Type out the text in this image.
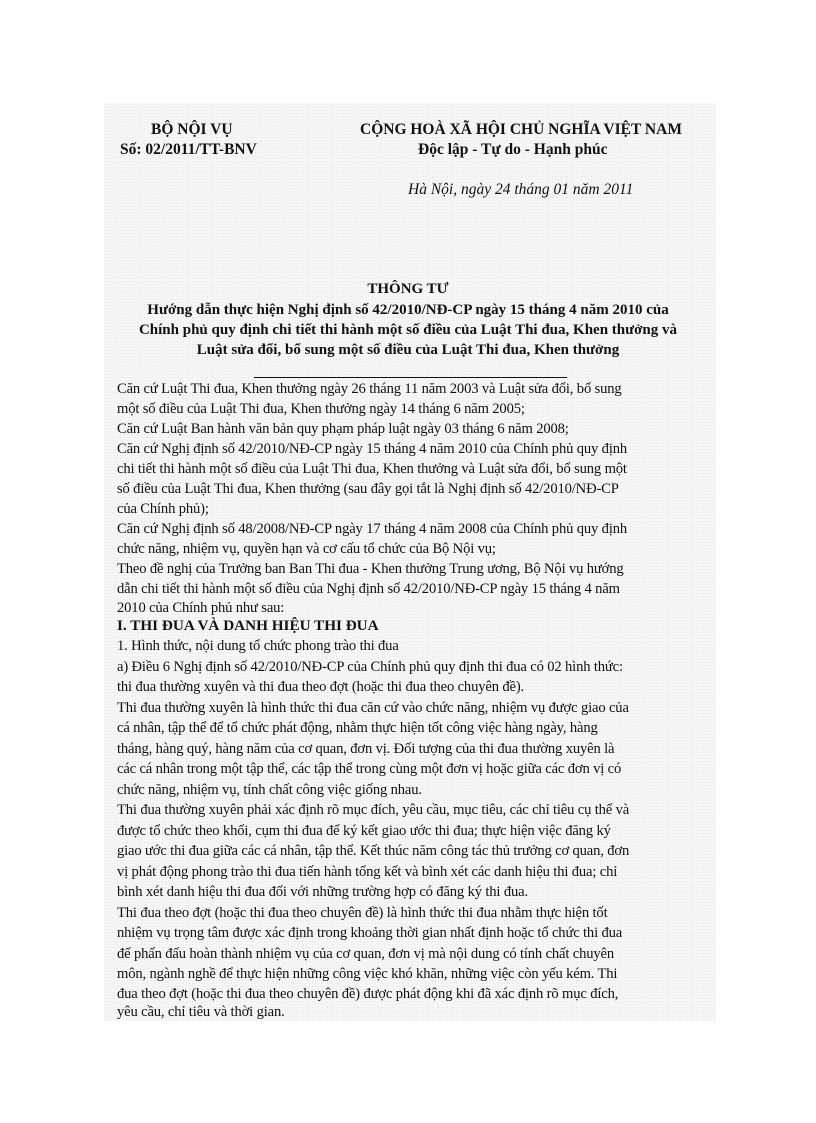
BỘ NỘI VỤ
Số: 02/2011/TT-BNV
CỘNG HOÀ XÃ HỘI CHỦ NGHĨA VIỆT NAM
Độc lập - Tự do - Hạnh phúc
Hà Nội, ngày 24 tháng 01 năm 2011
THÔNG TƯ
Hướng dẫn thực hiện Nghị định số 42/2010/NĐ-CP ngày 15 tháng 4 năm 2010 của
Chính phủ quy định chi tiết thi hành một số điều của Luật Thi đua, Khen thưởng và
Luật sửa đổi, bổ sung một số điều của Luật Thi đua, Khen thưởng
Căn cứ Luật Thi đua, Khen thưởng ngày 26 tháng 11 năm 2003 và Luật sửa đổi, bổ sung
một số điều của Luật Thi đua, Khen thưởng ngày 14 tháng 6 năm 2005;
Căn cứ Luật Ban hành văn bản quy phạm pháp luật ngày 03 tháng 6 năm 2008;
Căn cứ Nghị định số 42/2010/NĐ-CP ngày 15 tháng 4 năm 2010 của Chính phủ quy định
chi tiết thi hành một số điều của Luật Thi đua, Khen thưởng và Luật sửa đổi, bổ sung một
số điều của Luật Thi đua, Khen thưởng (sau đây gọi tắt là Nghị định số 42/2010/NĐ-CP
của Chính phủ);
Căn cứ Nghị định số 48/2008/NĐ-CP ngày 17 tháng 4 năm 2008 của Chính phủ quy định
chức năng, nhiệm vụ, quyền hạn và cơ cấu tổ chức của Bộ Nội vụ;
Theo đề nghị của Trưởng ban Ban Thi đua - Khen thưởng Trung ương, Bộ Nội vụ hướng
dẫn chi tiết thi hành một số điều của Nghị định số 42/2010/NĐ-CP ngày 15 tháng 4 năm
2010 của Chính phủ như sau:
I. THI ĐUA VÀ DANH HIỆU THI ĐUA
1. Hình thức, nội dung tổ chức phong trào thi đua
a) Điều 6 Nghị định số 42/2010/NĐ-CP của Chính phủ quy định thi đua có 02 hình thức:
thi đua thường xuyên và thi đua theo đợt (hoặc thi đua theo chuyên đề).
Thi đua thường xuyên là hình thức thi đua căn cứ vào chức năng, nhiệm vụ được giao của
cá nhân, tập thể để tổ chức phát động, nhằm thực hiện tốt công việc hàng ngày, hàng
tháng, hàng quý, hàng năm của cơ quan, đơn vị. Đối tượng của thi đua thường xuyên là
các cá nhân trong một tập thể, các tập thể trong cùng một đơn vị hoặc giữa các đơn vị có
chức năng, nhiệm vụ, tính chất công việc giống nhau.
Thi đua thường xuyên phải xác định rõ mục đích, yêu cầu, mục tiêu, các chỉ tiêu cụ thể và
được tổ chức theo khối, cụm thi đua để ký kết giao ước thi đua; thực hiện việc đăng ký
giao ước thi đua giữa các cá nhân, tập thể. Kết thúc năm công tác thủ trưởng cơ quan, đơn
vị phát động phong trào thi đua tiến hành tổng kết và bình xét các danh hiệu thi đua; chỉ
bình xét danh hiệu thi đua đối với những trường hợp có đăng ký thi đua.
Thi đua theo đợt (hoặc thi đua theo chuyên đề) là hình thức thi đua nhằm thực hiện tốt
nhiệm vụ trọng tâm được xác định trong khoảng thời gian nhất định hoặc tổ chức thi đua
để phấn đấu hoàn thành nhiệm vụ của cơ quan, đơn vị mà nội dung có tính chất chuyên
môn, ngành nghề để thực hiện những công việc khó khăn, những việc còn yếu kém. Thi
đua theo đợt (hoặc thi đua theo chuyên đề) được phát động khi đã xác định rõ mục đích,
yêu cầu, chỉ tiêu và thời gian.
